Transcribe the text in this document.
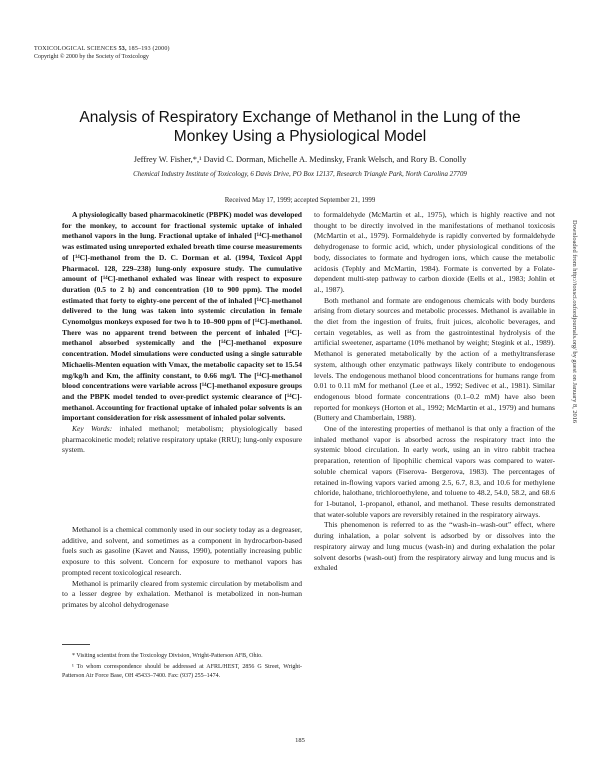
TOXICOLOGICAL SCIENCES 53, 185–193 (2000)
Copyright © 2000 by the Society of Toxicology
Analysis of Respiratory Exchange of Methanol in the Lung of the Monkey Using a Physiological Model
Jeffrey W. Fisher,*,¹ David C. Dorman, Michelle A. Medinsky, Frank Welsch, and Rory B. Conolly
Chemical Industry Institute of Toxicology, 6 Davis Drive, PO Box 12137, Research Triangle Park, North Carolina 27709
Received May 17, 1999; accepted September 21, 1999

A physiologically based pharmacokinetic (PBPK) model was developed for the monkey, to account for fractional systemic uptake of inhaled methanol vapors in the lung. Fractional uptake of inhaled [¹⁴C]-methanol was estimated using unreported exhaled breath time course measurements of [¹⁴C]-methanol from the D. C. Dorman et al. (1994, Toxicol Appl Pharmacol. 128, 229–238) lung-only exposure study. The cumulative amount of [¹⁴C]-methanol exhaled was linear with respect to exposure duration (0.5 to 2 h) and concentration (10 to 900 ppm). The model estimated that forty to eighty-one percent of the of inhaled [¹⁴C]-methanol delivered to the lung was taken into systemic circulation in female Cynomolgus monkeys exposed for two h to 10–900 ppm of [¹⁴C]-methanol. There was no apparent trend between the percent of inhaled [¹⁴C]-methanol absorbed systemically and the [¹⁴C]-methanol exposure concentration. Model simulations were conducted using a single saturable Michaelis-Menten equation with Vmax, the metabolic capacity set to 15.54 mg/kg/h and Km, the affinity constant, to 0.66 mg/l. The [¹⁴C]-methanol blood concentrations were variable across [¹⁴C]-methanol exposure groups and the PBPK model tended to over-predict systemic clearance of [¹⁴C]-methanol. Accounting for fractional uptake of inhaled polar solvents is an important consideration for risk assessment of inhaled polar solvents.

Key Words: inhaled methanol; metabolism; physiologically based pharmacokinetic model; relative respiratory uptake (RRU); lung-only exposure system.

Methanol is a chemical commonly used in our society today as a degreaser, additive, and solvent, and sometimes as a component in hydrocarbon-based fuels such as gasoline (Kavet and Nauss, 1990), potentially increasing public exposure to this solvent. Concern for exposure to methanol vapors has prompted recent toxicological research.

Methanol is primarily cleared from systemic circulation by metabolism and to a lesser degree by exhalation. Methanol is metabolized in non-human primates by alcohol dehydrogenase

* Visiting scientist from the Toxicology Division, Wright-Patterson AFB, Ohio.

¹ To whom correspondence should be addressed at AFRL/HEST, 2856 G Street, Wright-Patterson Air Force Base, OH 45433–7400. Fax: (937) 255–1474.

to formaldehyde (McMartin et al., 1975), which is highly reactive and not thought to be directly involved in the manifestations of methanol toxicosis (McMartin et al., 1979). Formaldehyde is rapidly converted by formaldehyde dehydrogenase to formic acid, which, under physiological conditions of the body, dissociates to formate and hydrogen ions, which cause the metabolic acidosis (Tephly and McMartin, 1984). Formate is converted by a Folate-dependent multi-step pathway to carbon dioxide (Eells et al., 1983; Johlin et al., 1987).

Both methanol and formate are endogenous chemicals with body burdens arising from dietary sources and metabolic processes. Methanol is available in the diet from the ingestion of fruits, fruit juices, alcoholic beverages, and certain vegetables, as well as from the gastrointestinal hydrolysis of the artificial sweetener, aspartame (10% methanol by weight; Stegink et al., 1989). Methanol is generated metabolically by the action of a methyltransferase system, although other enzymatic pathways likely contribute to endogenous levels. The endogenous methanol blood concentrations for humans range from 0.01 to 0.11 mM for methanol (Lee et al., 1992; Sedivec et al., 1981). Similar endogenous blood formate concentrations (0.1–0.2 mM) have also been reported for monkeys (Horton et al., 1992; McMartin et al., 1979) and humans (Buttery and Chamberlain, 1988).

One of the interesting properties of methanol is that only a fraction of the inhaled methanol vapor is absorbed across the respiratory tract into the systemic blood circulation. In early work, using an in vitro rabbit trachea preparation, retention of lipophilic chemical vapors was compared to water-soluble chemical vapors (Fiserova- Bergerova, 1983). The percentages of retained in-flowing vapors varied among 2.5, 6.7, 8.3, and 10.6 for methylene chloride, halothane, trichloroethylene, and toluene to 48.2, 54.0, 58.2, and 68.6 for 1-butanol, 1-propanol, ethanol, and methanol. These results demonstrated that water-soluble vapors are reversibly retained in the respiratory airways.

This phenomenon is referred to as the “wash-in–wash-out” effect, where during inhalation, a polar solvent is adsorbed by or dissolves into the respiratory airway and lung mucus (wash-in) and during exhalation the polar solvent desorbs (wash-out) from the respiratory airway and lung mucus and is exhaled

185
Downloaded from http://toxsci.oxfordjournals.org/ by guest on January 8, 2016
